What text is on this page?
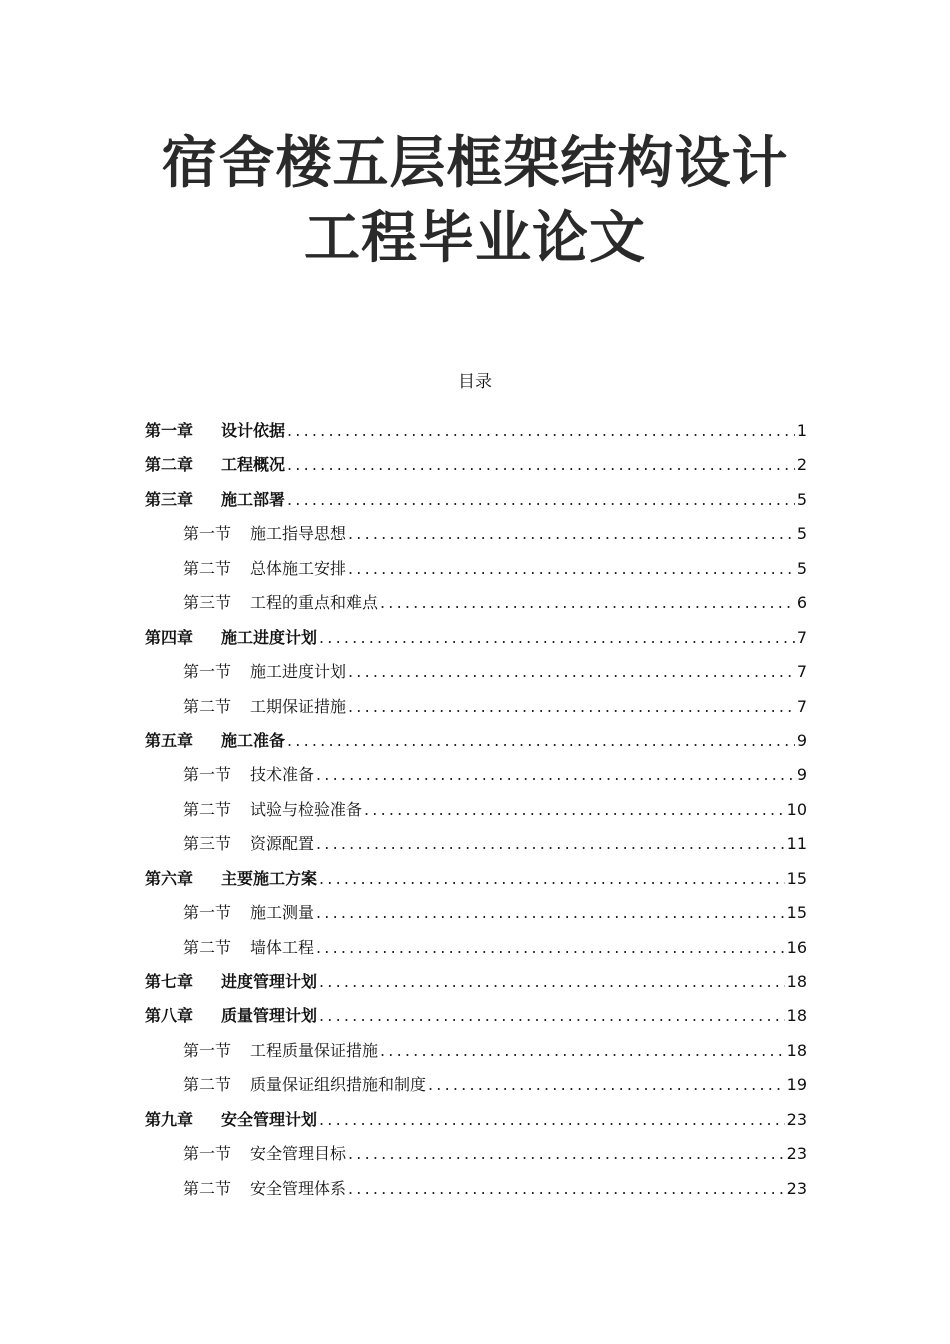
宿舍楼五层框架结构设计
工程毕业论文
目录
第一章	设计依据 .....	1
第二章	工程概况 .....	2
第三章	施工部署 .....	5
第一节	施工指导思想 .....	5
第二节	总体施工安排 .....	5
第三节	工程的重点和难点 .....	6
第四章	施工进度计划 .....	7
第一节	施工进度计划 .....	7
第二节	工期保证措施 .....	7
第五章	施工准备 .....	9
第一节	技术准备 .....	9
第二节	试验与检验准备 .....	10
第三节	资源配置 .....	11
第六章	主要施工方案 .....	15
第一节	施工测量 .....	15
第二节	墙体工程 .....	16
第七章	进度管理计划 .....	18
第八章	质量管理计划 .....	18
第一节	工程质量保证措施 .....	18
第二节	质量保证组织措施和制度 .....	19
第九章	安全管理计划 .....	23
第一节	安全管理目标 .....	23
第二节	安全管理体系 .....	23
